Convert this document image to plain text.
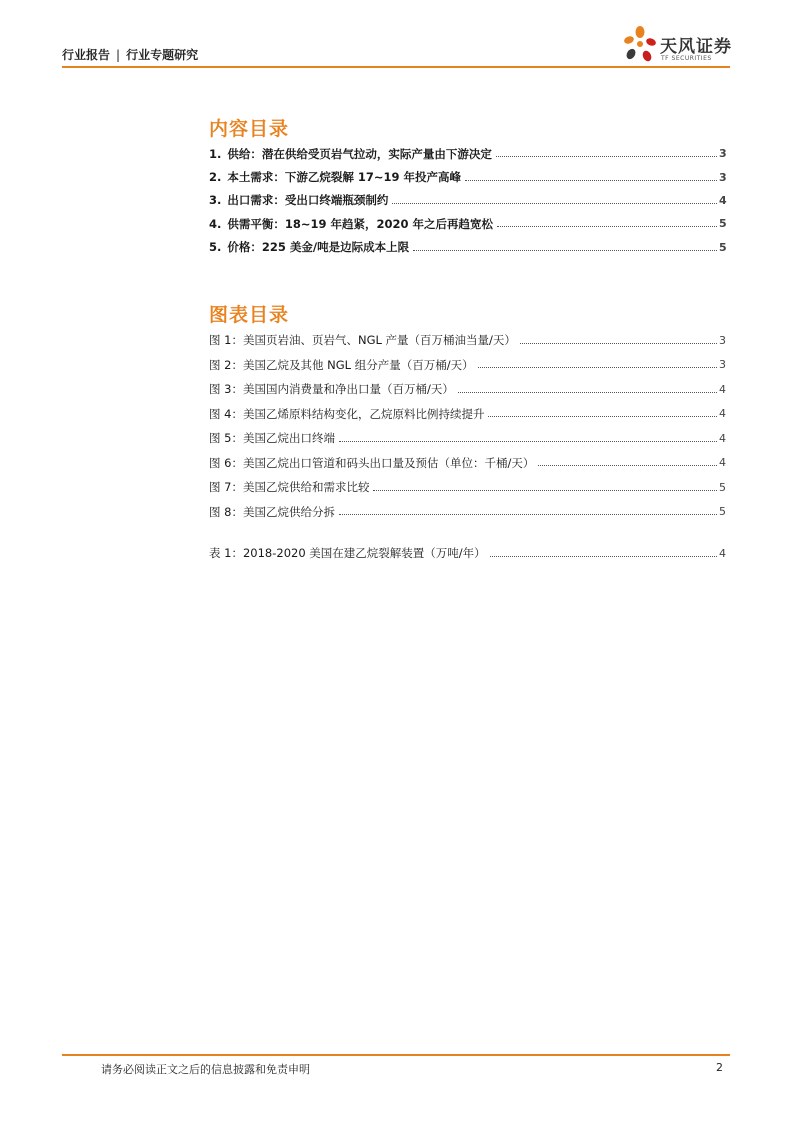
行业报告 | 行业专题研究	天风证券
TF SECURITIES
内容目录
1. 供给：潜在供给受页岩气拉动，实际产量由下游决定	3
2. 本土需求：下游乙烷裂解 17~19 年投产高峰	3
3. 出口需求：受出口终端瓶颈制约	4
4. 供需平衡：18~19 年趋紧，2020 年之后再趋宽松	5
5. 价格：225 美金/吨是边际成本上限	5
图表目录
图 1：美国页岩油、页岩气、NGL 产量（百万桶油当量/天）	3
图 2：美国乙烷及其他 NGL 组分产量（百万桶/天）	3
图 3：美国国内消费量和净出口量（百万桶/天）	4
图 4：美国乙烯原料结构变化，乙烷原料比例持续提升	4
图 5：美国乙烷出口终端	4
图 6：美国乙烷出口管道和码头出口量及预估（单位：千桶/天）	4
图 7：美国乙烷供给和需求比较	5
图 8：美国乙烷供给分拆	5
表 1：2018-2020 美国在建乙烷裂解装置（万吨/年）	4
请务必阅读正文之后的信息披露和免责申明	2
